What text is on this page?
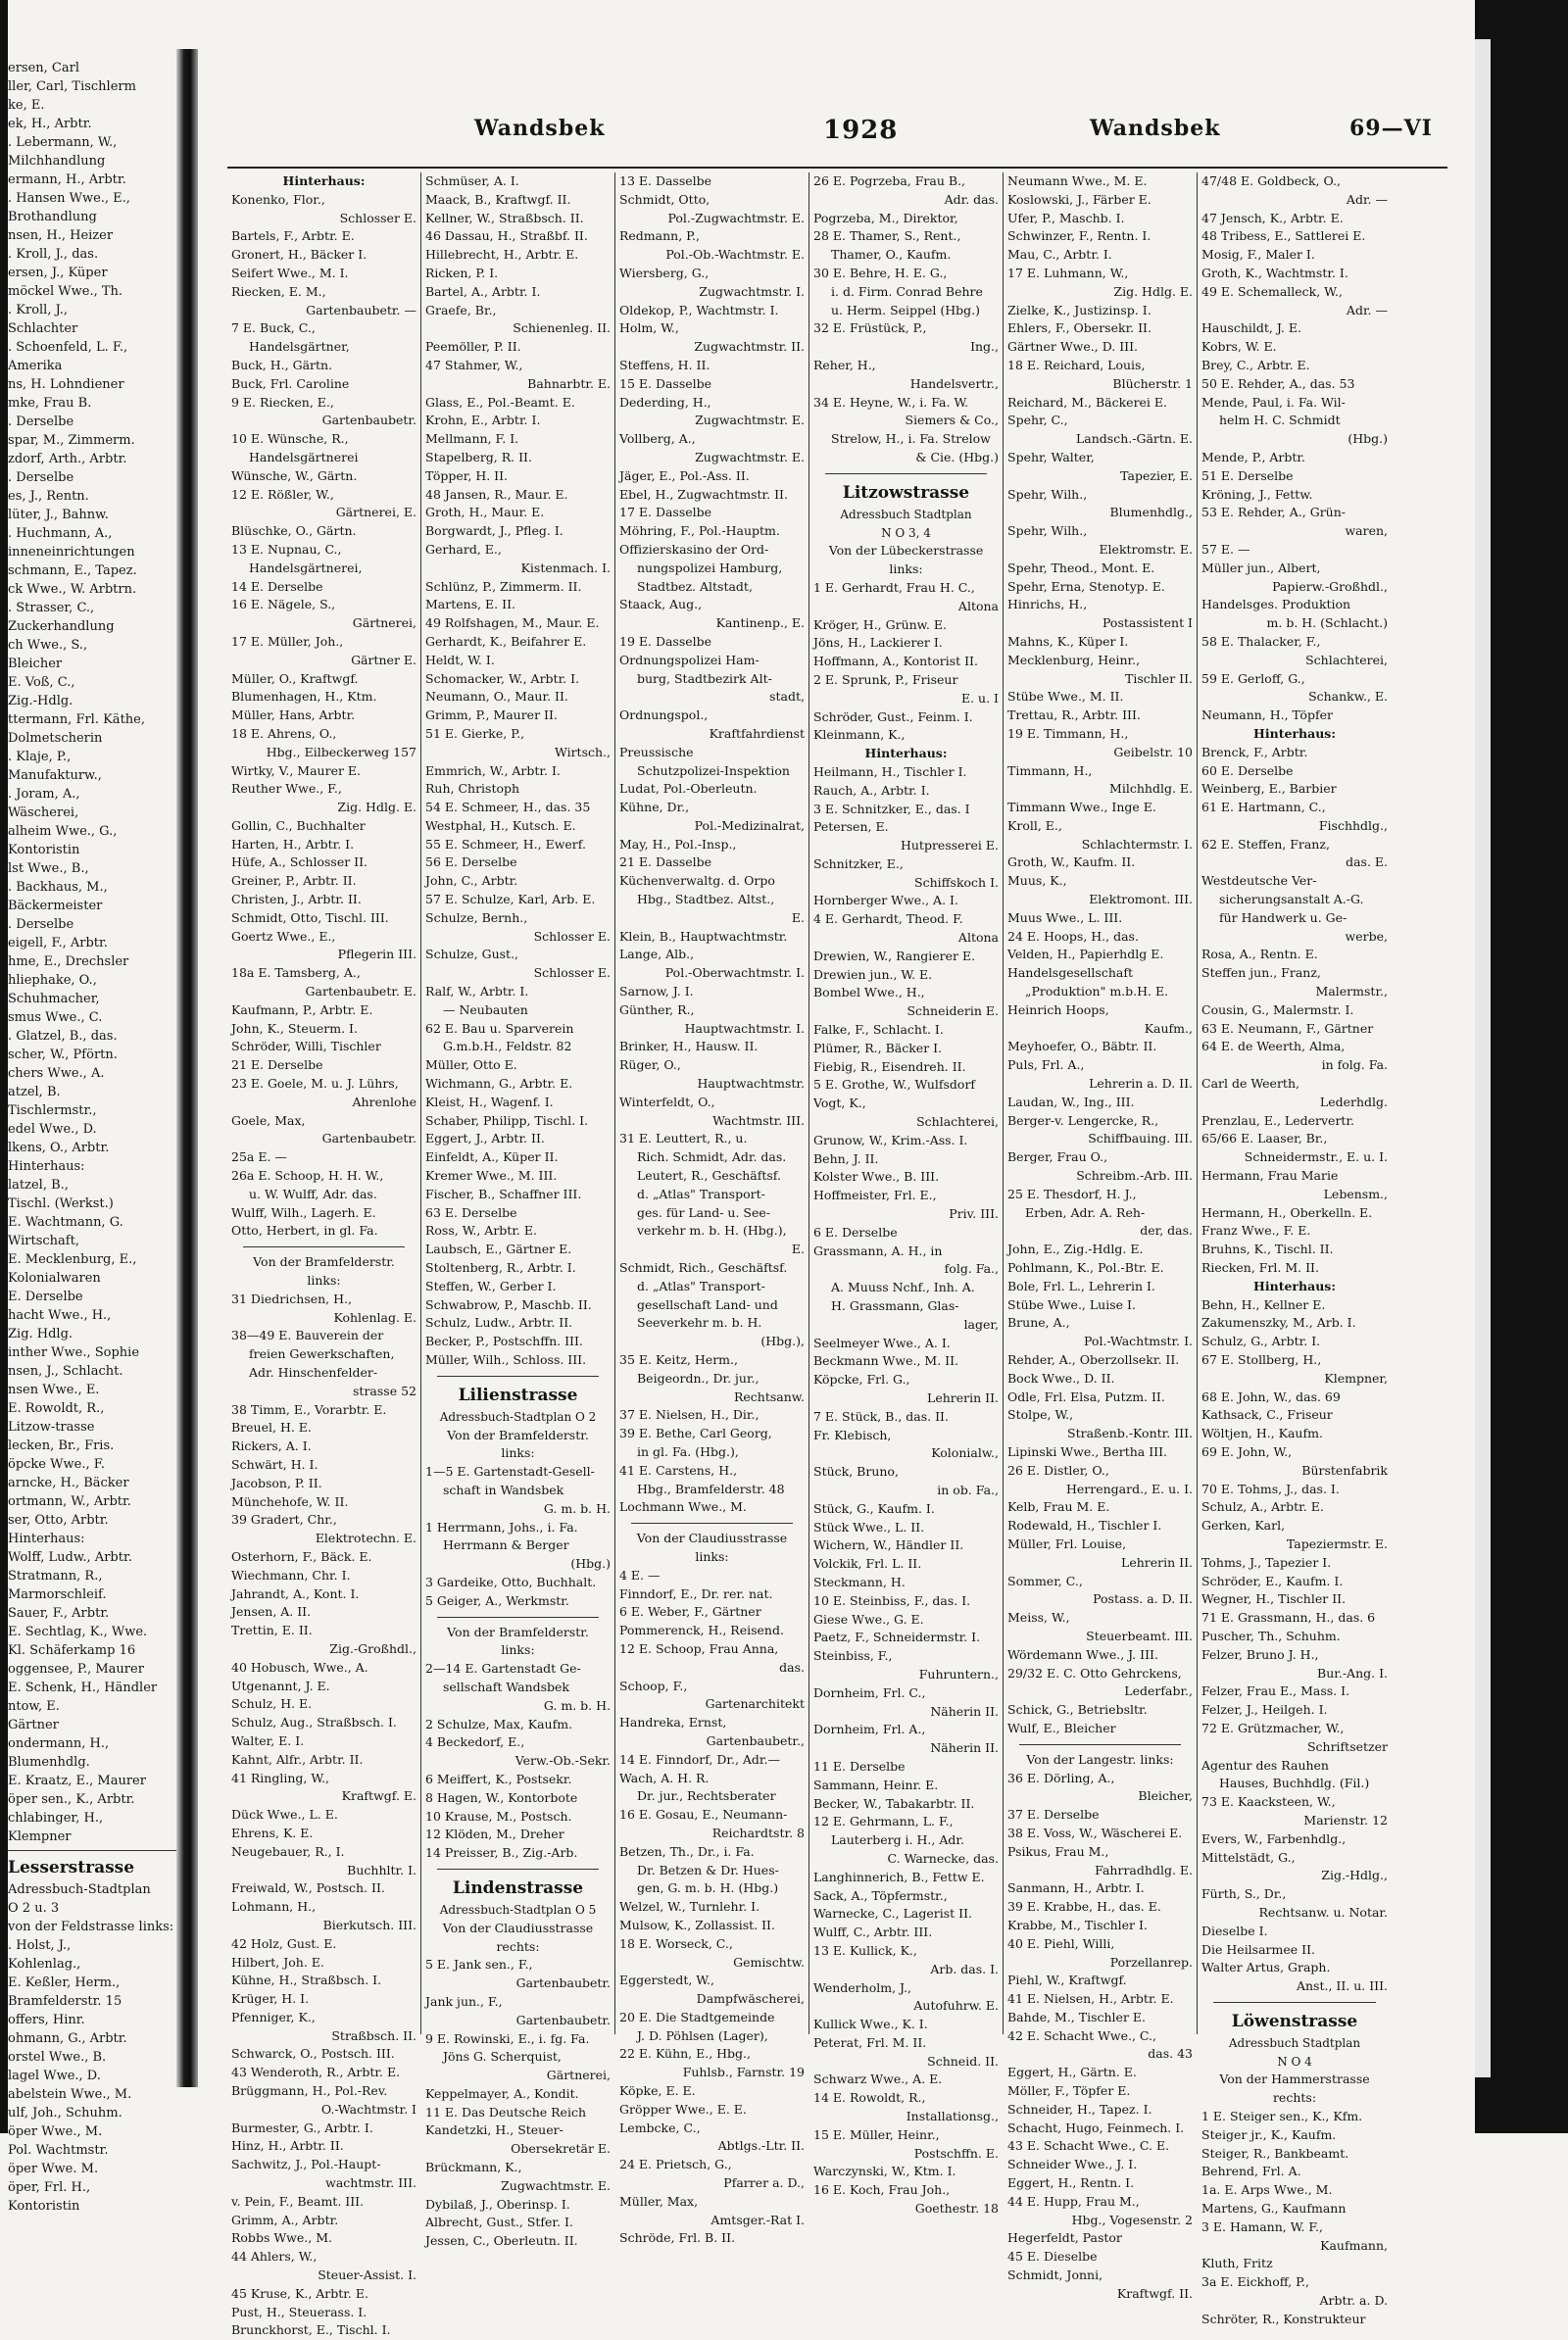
ersen, Carl
ller, Carl, Tischlerm
ke, E.
ek, H., Arbtr.
. Lebermann, W.,
Milchhandlung
ermann, H., Arbtr.
. Hansen Wwe., E.,
Brothandlung
nsen, H., Heizer
. Kroll, J., das.
ersen, J., Küper
möckel Wwe., Th.
. Kroll, J.,
Schlachter
. Schoenfeld, L. F.,
Amerika
ns, H. Lohndiener
mke, Frau B.
. Derselbe
spar, M., Zimmerm.
zdorf, Arth., Arbtr.
. Derselbe
es, J., Rentn.
lüter, J., Bahnw.
. Huchmann, A.,
inneneinrichtungen
schmann, E., Tapez.
ck Wwe., W. Arbtrn.
. Strasser, C.,
Zuckerhandlung
ch Wwe., S.,
Bleicher
E. Voß, C.,
Zig.-Hdlg.
ttermann, Frl. Käthe,
Dolmetscherin
. Klaje, P.,
Manufakturw.,
. Joram, A.,
Wäscherei,
alheim Wwe., G.,
Kontoristin
lst Wwe., B.,
. Backhaus, M.,
Bäckermeister
. Derselbe
eigell, F., Arbtr.
hme, E., Drechsler
hliephake, O.,
Schuhmacher,
smus Wwe., C.
. Glatzel, B., das.
scher, W., Pförtn.
chers Wwe., A.
atzel, B.
Tischlermstr.,
edel Wwe., D.
lkens, O., Arbtr.
Hinterhaus:
latzel, B.,
Tischl. (Werkst.)
E. Wachtmann, G.
Wirtschaft,
E. Mecklenburg, E.,
Kolonialwaren
E. Derselbe
hacht Wwe., H.,
Zig. Hdlg.
inther Wwe., Sophie
nsen, J., Schlacht.
nsen Wwe., E.
E. Rowoldt, R.,
Litzow-trasse
lecken, Br., Fris.
öpcke Wwe., F.
arncke, H., Bäcker
ortmann, W., Arbtr.
ser, Otto, Arbtr.
Hinterhaus:
Wolff, Ludw., Arbtr.
Stratmann, R.,
Marmorschleif.
Sauer, F., Arbtr.
E. Sechtlag, K., Wwe.
Kl. Schäferkamp 16
oggensee, P., Maurer
E. Schenk, H., Händler
ntow, E.
Gärtner
ondermann, H.,
Blumenhdlg.
E. Kraatz, E., Maurer
öper sen., K., Arbtr.
chlabinger, H.,
Klempner
Lesserstrasse
Adressbuch-Stadtplan
O 2 u. 3
von der Feldstrasse links:
. Holst, J.,
Kohlenlag.,
E. Keßler, Herm.,
Bramfelderstr. 15
offers, Hinr.
ohmann, G., Arbtr.
orstel Wwe., B.
lagel Wwe., D.
abelstein Wwe., M.
ulf, Joh., Schuhm.
öper Wwe., M.
Pol. Wachtmstr.
öper Wwe. M.
öper, Frl. H.,
Kontoristin
Wandsbek	1928	Wandsbek	69—VI
Hinterhaus:
Konenko, Flor.,
Schlosser E.
Bartels, F., Arbtr. E.
Gronert, H., Bäcker I.
Seifert Wwe., M. I.
Riecken, E. M.,
Gartenbaubetr. —
7 E. Buck, C.,
Handelsgärtner,
Buck, H., Gärtn.
Buck, Frl. Caroline
9 E. Riecken, E.,
Gartenbaubetr.
10 E. Wünsche, R.,
Handelsgärtnerei
Wünsche, W., Gärtn.
12 E. Rößler, W.,
Gärtnerei, E.
Blüschke, O., Gärtn.
13 E. Nupnau, C.,
Handelsgärtnerei,
14 E. Derselbe
16 E. Nägele, S.,
Gärtnerei,
17 E. Müller, Joh.,
Gärtner E.
Müller, O., Kraftwgf.
Blumenhagen, H., Ktm.
Müller, Hans, Arbtr.
18 E. Ahrens, O.,
Hbg., Eilbeckerweg 157
Wirtky, V., Maurer E.
Reuther Wwe., F.,
Zig. Hdlg. E.
Gollin, C., Buchhalter
Harten, H., Arbtr. I.
Hüfe, A., Schlosser II.
Greiner, P., Arbtr. II.
Christen, J., Arbtr. II.
Schmidt, Otto, Tischl. III.
Goertz Wwe., E.,
Pflegerin III.
18a E. Tamsberg, A.,
Gartenbaubetr. E.
Kaufmann, P., Arbtr. E.
John, K., Steuerm. I.
Schröder, Willi, Tischler
21 E. Derselbe
23 E. Goele, M. u. J. Lührs,
Ahrenlohe
Goele, Max,
Gartenbaubetr.
25a E. —
26a E. Schoop, H. H. W.,
u. W. Wulff, Adr. das.
Wulff, Wilh., Lagerh. E.
Otto, Herbert, in gl. Fa.
Von der Bramfelderstr.
links:
31 Diedrichsen, H.,
Kohlenlag. E.
38—49 E. Bauverein der
freien Gewerkschaften,
Adr. Hinschenfelder-
strasse 52
38 Timm, E., Vorarbtr. E.
Breuel, H. E.
Rickers, A. I.
Schwärt, H. I.
Jacobson, P. II.
Münchehofe, W. II.
39 Gradert, Chr.,
Elektrotechn. E.
Osterhorn, F., Bäck. E.
Wiechmann, Chr. I.
Jahrandt, A., Kont. I.
Jensen, A. II.
Trettin, E. II.
Zig.-Großhdl.,
40 Hobusch, Wwe., A.
Utgenannt, J. E.
Schulz, H. E.
Schulz, Aug., Straßbsch. I.
Walter, E. I.
Kahnt, Alfr., Arbtr. II.
41 Ringling, W.,
Kraftwgf. E.
Dück Wwe., L. E.
Ehrens, K. E.
Neugebauer, R., I.
Buchhltr. I.
Freiwald, W., Postsch. II.
Lohmann, H.,
Bierkutsch. III.
42 Holz, Gust. E.
Hilbert, Joh. E.
Kühne, H., Straßbsch. I.
Krüger, H. I.
Pfenniger, K.,
Straßbsch. II.
Schwarck, O., Postsch. III.
43 Wenderoth, R., Arbtr. E.
Brüggmann, H., Pol.-Rev.
O.-Wachtmstr. I
Burmester, G., Arbtr. I.
Hinz, H., Arbtr. II.
Sachwitz, J., Pol.-Haupt-
wachtmstr. III.
v. Pein, F., Beamt. III.
Grimm, A., Arbtr.
Robbs Wwe., M.
44 Ahlers, W.,
Steuer-Assist. I.
45 Kruse, K., Arbtr. E.
Pust, H., Steuerass. I.
Brunckhorst, E., Tischl. I.
Schmüser, A. I.
Maack, B., Kraftwgf. II.
Kellner, W., Straßbsch. II.
46 Dassau, H., Straßbf. II.
Hillebrecht, H., Arbtr. E.
Ricken, P. I.
Bartel, A., Arbtr. I.
Graefe, Br.,
Schienenleg. II.
Peemöller, P. II.
47 Stahmer, W.,
Bahnarbtr. E.
Glass, E., Pol.-Beamt. E.
Krohn, E., Arbtr. I.
Mellmann, F. I.
Stapelberg, R. II.
Töpper, H. II.
48 Jansen, R., Maur. E.
Groth, H., Maur. E.
Borgwardt, J., Pfleg. I.
Gerhard, E.,
Kistenmach. I.
Schlünz, P., Zimmerm. II.
Martens, E. II.
49 Rolfshagen, M., Maur. E.
Gerhardt, K., Beifahrer E.
Heldt, W. I.
Schomacker, W., Arbtr. I.
Neumann, O., Maur. II.
Grimm, P., Maurer II.
51 E. Gierke, P.,
Wirtsch.,
Emmrich, W., Arbtr. I.
Ruh, Christoph
54 E. Schmeer, H., das. 35
Westphal, H., Kutsch. E.
55 E. Schmeer, H., Ewerf.
56 E. Derselbe
John, C., Arbtr.
57 E. Schulze, Karl, Arb. E.
Schulze, Bernh.,
Schlosser E.
Schulze, Gust.,
Schlosser E.
Ralf, W., Arbtr. I.
— Neubauten
62 E. Bau u. Sparverein
G.m.b.H., Feldstr. 82
Müller, Otto E.
Wichmann, G., Arbtr. E.
Kleist, H., Wagenf. I.
Schaber, Philipp, Tischl. I.
Eggert, J., Arbtr. II.
Einfeldt, A., Küper II.
Kremer Wwe., M. III.
Fischer, B., Schaffner III.
63 E. Derselbe
Ross, W., Arbtr. E.
Laubsch, E., Gärtner E.
Stoltenberg, R., Arbtr. I.
Steffen, W., Gerber I.
Schwabrow, P., Maschb. II.
Schulz, Ludw., Arbtr. II.
Becker, P., Postschffn. III.
Müller, Wilh., Schloss. III.
Lilienstrasse
Adressbuch-Stadtplan O 2
Von der Bramfelderstr.
links:
1—5 E. Gartenstadt-Gesell-
schaft in Wandsbek
G. m. b. H.
1 Herrmann, Johs., i. Fa.
Herrmann & Berger
(Hbg.)
3 Gardeike, Otto, Buchhalt.
5 Geiger, A., Werkmstr.
Von der Bramfelderstr.
links:
2—14 E. Gartenstadt Ge-
sellschaft Wandsbek
G. m. b. H.
2 Schulze, Max, Kaufm.
4 Beckedorf, E.,
Verw.-Ob.-Sekr.
6 Meiffert, K., Postsekr.
8 Hagen, W., Kontorbote
10 Krause, M., Postsch.
12 Klöden, M., Dreher
14 Preisser, B., Zig.-Arb.
Lindenstrasse
Adressbuch-Stadtplan O 5
Von der Claudiusstrasse
rechts:
5 E. Jank sen., F.,
Gartenbaubetr.
Jank jun., F.,
Gartenbaubetr.
9 E. Rowinski, E., i. fg. Fa.
Jöns G. Scherquist,
Gärtnerei,
Keppelmayer, A., Kondit.
11 E. Das Deutsche Reich
Kandetzki, H., Steuer-
Obersekretär E.
Brückmann, K.,
Zugwachtmstr. E.
Dybilaß, J., Oberinsp. I.
Albrecht, Gust., Stfer. I.
Jessen, C., Oberleutn. II.
13 E. Dasselbe
Schmidt, Otto,
Pol.-Zugwachtmstr. E.
Redmann, P.,
Pol.-Ob.-Wachtmstr. E.
Wiersberg, G.,
Zugwachtmstr. I.
Oldekop, P., Wachtmstr. I.
Holm, W.,
Zugwachtmstr. II.
Steffens, H. II.
15 E. Dasselbe
Dederding, H.,
Zugwachtmstr. E.
Vollberg, A.,
Zugwachtmstr. E.
Jäger, E., Pol.-Ass. II.
Ebel, H., Zugwachtmstr. II.
17 E. Dasselbe
Möhring, F., Pol.-Hauptm.
Offizierskasino der Ord-
nungspolizei Hamburg,
Stadtbez. Altstadt,
Staack, Aug.,
Kantinenp., E.
19 E. Dasselbe
Ordnungspolizei Ham-
burg, Stadtbezirk Alt-
stadt,
Ordnungspol.,
Kraftfahrdienst
Preussische
Schutzpolizei-Inspektion
Ludat, Pol.-Oberleutn.
Kühne, Dr.,
Pol.-Medizinalrat,
May, H., Pol.-Insp.,
21 E. Dasselbe
Küchenverwaltg. d. Orpo
Hbg., Stadtbez. Altst.,
E.
Klein, B., Hauptwachtmstr.
Lange, Alb.,
Pol.-Oberwachtmstr. I.
Sarnow, J. I.
Günther, R.,
Hauptwachtmstr. I.
Brinker, H., Hausw. II.
Rüger, O.,
Hauptwachtmstr.
Winterfeldt, O.,
Wachtmstr. III.
31 E. Leuttert, R., u.
Rich. Schmidt, Adr. das.
Leutert, R., Geschäftsf.
d. „Atlas" Transport-
ges. für Land- u. See-
verkehr m. b. H. (Hbg.),
E.
Schmidt, Rich., Geschäftsf.
d. „Atlas" Transport-
gesellschaft Land- und
Seeverkehr m. b. H.
(Hbg.),
35 E. Keitz, Herm.,
Beigeordn., Dr. jur.,
Rechtsanw.
37 E. Nielsen, H., Dir.,
39 E. Bethe, Carl Georg,
in gl. Fa. (Hbg.),
41 E. Carstens, H.,
Hbg., Bramfelderstr. 48
Lochmann Wwe., M.
Von der Claudiusstrasse
links:
4 E. —
Finndorf, E., Dr. rer. nat.
6 E. Weber, F., Gärtner
Pommerenck, H., Reisend.
12 E. Schoop, Frau Anna,
das.
Schoop, F.,
Gartenarchitekt
Handreka, Ernst,
Gartenbaubetr.,
14 E. Finndorf, Dr., Adr.—
Wach, A. H. R.
Dr. jur., Rechtsberater
16 E. Gosau, E., Neumann-
Reichardtstr. 8
Betzen, Th., Dr., i. Fa.
Dr. Betzen & Dr. Hues-
gen, G. m. b. H. (Hbg.)
Welzel, W., Turnlehr. I.
Mulsow, K., Zollassist. II.
18 E. Worseck, C.,
Gemischtw.
Eggerstedt, W.,
Dampfwäscherei,
20 E. Die Stadtgemeinde
J. D. Pöhlsen (Lager),
22 E. Kühn, E., Hbg.,
Fuhlsb., Farnstr. 19
Köpke, E. E.
Gröpper Wwe., E. E.
Lembcke, C.,
Abtlgs.-Ltr. II.
24 E. Prietsch, G.,
Pfarrer a. D.,
Müller, Max,
Amtsger.-Rat I.
Schröde, Frl. B. II.
26 E. Pogrzeba, Frau B.,
Adr. das.
Pogrzeba, M., Direktor,
28 E. Thamer, S., Rent.,
Thamer, O., Kaufm.
30 E. Behre, H. E. G.,
i. d. Firm. Conrad Behre
u. Herm. Seippel (Hbg.)
32 E. Früstück, P.,
Ing.,
Reher, H.,
Handelsvertr.,
34 E. Heyne, W., i. Fa. W.
Siemers & Co.,
Strelow, H., i. Fa. Strelow
& Cie. (Hbg.)
Litzowstrasse
Adressbuch Stadtplan
N O 3, 4
Von der Lübeckerstrasse
links:
1 E. Gerhardt, Frau H. C.,
Altona
Kröger, H., Grünw. E.
Jöns, H., Lackierer I.
Hoffmann, A., Kontorist II.
2 E. Sprunk, P., Friseur
E. u. I
Schröder, Gust., Feinm. I.
Kleinmann, K.,
Hinterhaus:
Heilmann, H., Tischler I.
Rauch, A., Arbtr. I.
3 E. Schnitzker, E., das. I
Petersen, E.
Hutpresserei E.
Schnitzker, E.,
Schiffskoch I.
Hornberger Wwe., A. I.
4 E. Gerhardt, Theod. F.
Altona
Drewien, W., Rangierer E.
Drewien jun., W. E.
Bombel Wwe., H.,
Schneiderin E.
Falke, F., Schlacht. I.
Plümer, R., Bäcker I.
Fiebig, R., Eisendreh. II.
5 E. Grothe, W., Wulfsdorf
Vogt, K.,
Schlachterei,
Grunow, W., Krim.-Ass. I.
Behn, J. II.
Kolster Wwe., B. III.
Hoffmeister, Frl. E.,
Priv. III.
6 E. Derselbe
Grassmann, A. H., in
folg. Fa.,
A. Muuss Nchf., Inh. A.
H. Grassmann, Glas-
lager,
Seelmeyer Wwe., A. I.
Beckmann Wwe., M. II.
Köpcke, Frl. G.,
Lehrerin II.
7 E. Stück, B., das. II.
Fr. Klebisch,
Kolonialw.,
Stück, Bruno,
in ob. Fa.,
Stück, G., Kaufm. I.
Stück Wwe., L. II.
Wichern, W., Händler II.
Volckik, Frl. L. II.
Steckmann, H.
10 E. Steinbiss, F., das. I.
Giese Wwe., G. E.
Paetz, F., Schneidermstr. I.
Steinbiss, F.,
Fuhruntern.,
Dornheim, Frl. C.,
Näherin II.
Dornheim, Frl. A.,
Näherin II.
11 E. Derselbe
Sammann, Heinr. E.
Becker, W., Tabakarbtr. II.
12 E. Gehrmann, L. F.,
Lauterberg i. H., Adr.
C. Warnecke, das.
Langhinnerich, B., Fettw E.
Sack, A., Töpfermstr.,
Warnecke, C., Lagerist II.
Wulff, C., Arbtr. III.
13 E. Kullick, K.,
Arb. das. I.
Wenderholm, J.,
Autofuhrw. E.
Kullick Wwe., K. I.
Peterat, Frl. M. II.
Schneid. II.
Schwarz Wwe., A. E.
14 E. Rowoldt, R.,
Installationsg.,
15 E. Müller, Heinr.,
Postschffn. E.
Warczynski, W., Ktm. I.
16 E. Koch, Frau Joh.,
Goethestr. 18
Neumann Wwe., M. E.
Koslowski, J., Färber E.
Ufer, P., Maschb. I.
Schwinzer, F., Rentn. I.
Mau, C., Arbtr. I.
17 E. Luhmann, W.,
Zig. Hdlg. E.
Zielke, K., Justizinsp. I.
Ehlers, F., Obersekr. II.
Gärtner Wwe., D. III.
18 E. Reichard, Louis,
Blücherstr. 1
Reichard, M., Bäckerei E.
Spehr, C.,
Landsch.-Gärtn. E.
Spehr, Walter,
Tapezier, E.
Spehr, Wilh.,
Blumenhdlg.,
Spehr, Wilh.,
Elektromstr. E.
Spehr, Theod., Mont. E.
Spehr, Erna, Stenotyp. E.
Hinrichs, H.,
Postassistent I
Mahns, K., Küper I.
Mecklenburg, Heinr.,
Tischler II.
Stübe Wwe., M. II.
Trettau, R., Arbtr. III.
19 E. Timmann, H.,
Geibelstr. 10
Timmann, H.,
Milchhdlg. E.
Timmann Wwe., Inge E.
Kroll, E.,
Schlachtermstr. I.
Groth, W., Kaufm. II.
Muus, K.,
Elektromont. III.
Muus Wwe., L. III.
24 E. Hoops, H., das.
Velden, H., Papierhdlg E.
Handelsgesellschaft
„Produktion" m.b.H. E.
Heinrich Hoops,
Kaufm.,
Meyhoefer, O., Bäbtr. II.
Puls, Frl. A.,
Lehrerin a. D. II.
Laudan, W., Ing., III.
Berger-v. Lengercke, R.,
Schiffbauing. III.
Berger, Frau O.,
Schreibm.-Arb. III.
25 E. Thesdorf, H. J.,
Erben, Adr. A. Reh-
der, das.
John, E., Zig.-Hdlg. E.
Pohlmann, K., Pol.-Btr. E.
Bole, Frl. L., Lehrerin I.
Stübe Wwe., Luise I.
Brune, A.,
Pol.-Wachtmstr. I.
Rehder, A., Oberzollsekr. II.
Bock Wwe., D. II.
Odle, Frl. Elsa, Putzm. II.
Stolpe, W.,
Straßenb.-Kontr. III.
Lipinski Wwe., Bertha III.
26 E. Distler, O.,
Herrengard., E. u. I.
Kelb, Frau M. E.
Rodewald, H., Tischler I.
Müller, Frl. Louise,
Lehrerin II.
Sommer, C.,
Postass. a. D. II.
Meiss, W.,
Steuerbeamt. III.
Wördemann Wwe., J. III.
29/32 E. C. Otto Gehrckens,
Lederfabr.,
Schick, G., Betriebsltr.
Wulf, E., Bleicher
Von der Langestr. links:
36 E. Dörling, A.,
Bleicher,
37 E. Derselbe
38 E. Voss, W., Wäscherei E.
Psikus, Frau M.,
Fahrradhdlg. E.
Sanmann, H., Arbtr. I.
39 E. Krabbe, H., das. E.
Krabbe, M., Tischler I.
40 E. Piehl, Willi,
Porzellanrep.
Piehl, W., Kraftwgf.
41 E. Nielsen, H., Arbtr. E.
Bahde, M., Tischler E.
42 E. Schacht Wwe., C.,
das. 43
Eggert, H., Gärtn. E.
Möller, F., Töpfer E.
Schneider, H., Tapez. I.
Schacht, Hugo, Feinmech. I.
43 E. Schacht Wwe., C. E.
Schneider Wwe., J. I.
Eggert, H., Rentn. I.
44 E. Hupp, Frau M.,
Hbg., Vogesenstr. 2
Hegerfeldt, Pastor
45 E. Dieselbe
Schmidt, Jonni,
Kraftwgf. II.
47/48 E. Goldbeck, O.,
Adr. —
47 Jensch, K., Arbtr. E.
48 Tribess, E., Sattlerei E.
Mosig, F., Maler I.
Groth, K., Wachtmstr. I.
49 E. Schemalleck, W.,
Adr. —
Hauschildt, J. E.
Kobrs, W. E.
Brey, C., Arbtr. E.
50 E. Rehder, A., das. 53
Mende, Paul, i. Fa. Wil-
helm H. C. Schmidt
(Hbg.)
Mende, P., Arbtr.
51 E. Derselbe
Kröning, J., Fettw.
53 E. Rehder, A., Grün-
waren,
57 E. —
Müller jun., Albert,
Papierw.-Großhdl.,
Handelsges. Produktion
m. b. H. (Schlacht.)
58 E. Thalacker, F.,
Schlachterei,
59 E. Gerloff, G.,
Schankw., E.
Neumann, H., Töpfer
Hinterhaus:
Brenck, F., Arbtr.
60 E. Derselbe
Weinberg, E., Barbier
61 E. Hartmann, C.,
Fischhdlg.,
62 E. Steffen, Franz,
das. E.
Westdeutsche Ver-
sicherungsanstalt A.-G.
für Handwerk u. Ge-
werbe,
Rosa, A., Rentn. E.
Steffen jun., Franz,
Malermstr.,
Cousin, G., Malermstr. I.
63 E. Neumann, F., Gärtner
64 E. de Weerth, Alma,
in folg. Fa.
Carl de Weerth,
Lederhdlg.
Prenzlau, E., Ledervertr.
65/66 E. Laaser, Br.,
Schneidermstr., E. u. I.
Hermann, Frau Marie
Lebensm.,
Hermann, H., Oberkelln. E.
Franz Wwe., F. E.
Bruhns, K., Tischl. II.
Riecken, Frl. M. II.
Hinterhaus:
Behn, H., Kellner E.
Zakumenszky, M., Arb. I.
Schulz, G., Arbtr. I.
67 E. Stollberg, H.,
Klempner,
68 E. John, W., das. 69
Kathsack, C., Friseur
Wöltjen, H., Kaufm.
69 E. John, W.,
Bürstenfabrik
70 E. Tohms, J., das. I.
Schulz, A., Arbtr. E.
Gerken, Karl,
Tapeziermstr. E.
Tohms, J., Tapezier I.
Schröder, E., Kaufm. I.
Wegner, H., Tischler II.
71 E. Grassmann, H., das. 6
Puscher, Th., Schuhm.
Felzer, Bruno J. H.,
Bur.-Ang. I.
Felzer, Frau E., Mass. I.
Felzer, J., Heilgeh. I.
72 E. Grützmacher, W.,
Schriftsetzer
Agentur des Rauhen
Hauses, Buchhdlg. (Fil.)
73 E. Kaacksteen, W.,
Marienstr. 12
Evers, W., Farbenhdlg.,
Mittelstädt, G.,
Zig.-Hdlg.,
Fürth, S., Dr.,
Rechtsanw. u. Notar.
Dieselbe I.
Die Heilsarmee II.
Walter Artus, Graph.
Anst., II. u. III.
Löwenstrasse
Adressbuch Stadtplan
N O 4
Von der Hammerstrasse
rechts:
1 E. Steiger sen., K., Kfm.
Steiger jr., K., Kaufm.
Steiger, R., Bankbeamt.
Behrend, Frl. A.
1a. E. Arps Wwe., M.
Martens, G., Kaufmann
3 E. Hamann, W. F.,
Kaufmann,
Kluth, Fritz
3a E. Eickhoff, P.,
Arbtr. a. D.
Schröter, R., Konstrukteur
